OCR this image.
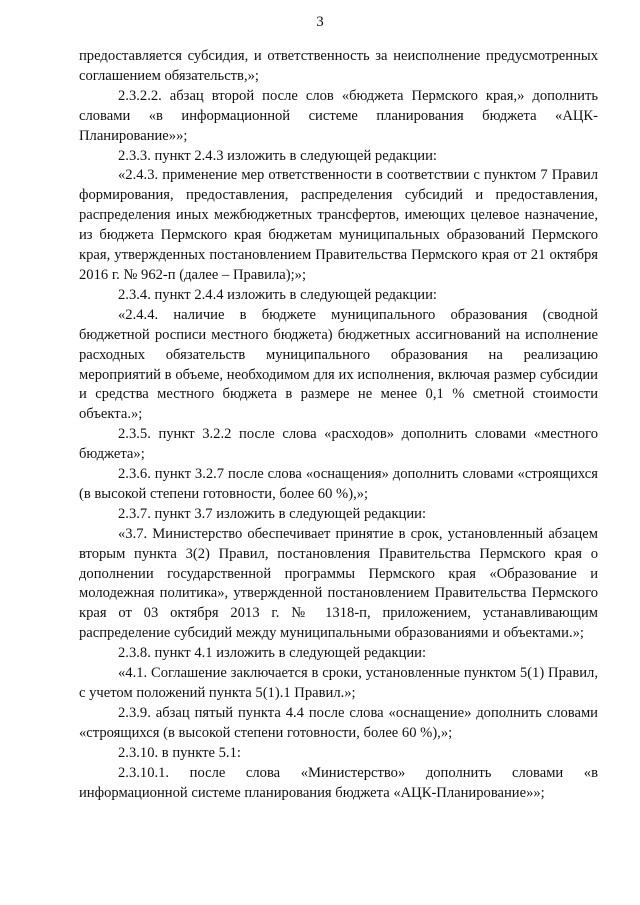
3

предоставляется субсидия, и ответственность за неисполнение предусмотренных соглашением обязательств,»;

2.3.2.2. абзац второй после слов «бюджета Пермского края,» дополнить словами «в информационной системе планирования бюджета «АЦК-Планирование»»;

2.3.3. пункт 2.4.3 изложить в следующей редакции:

«2.4.3. применение мер ответственности в соответствии с пунктом 7 Правил формирования, предоставления, распределения субсидий и предоставления, распределения иных межбюджетных трансфертов, имеющих целевое назначение, из бюджета Пермского края бюджетам муниципальных образований Пермского края, утвержденных постановлением Правительства Пермского края от 21 октября 2016 г. № 962-п (далее – Правила);»;

2.3.4. пункт 2.4.4 изложить в следующей редакции:

«2.4.4. наличие в бюджете муниципального образования (сводной бюджетной росписи местного бюджета) бюджетных ассигнований на исполнение расходных обязательств муниципального образования на реализацию мероприятий в объеме, необходимом для их исполнения, включая размер субсидии и средства местного бюджета в размере не менее 0,1 % сметной стоимости объекта.»;

2.3.5. пункт 3.2.2 после слова «расходов» дополнить словами «местного бюджета»;

2.3.6. пункт 3.2.7 после слова «оснащения» дополнить словами «строящихся (в высокой степени готовности, более 60 %),»;

2.3.7. пункт 3.7 изложить в следующей редакции:

«3.7. Министерство обеспечивает принятие в срок, установленный абзацем вторым пункта 3(2) Правил, постановления Правительства Пермского края о дополнении государственной программы Пермского края «Образование и молодежная политика», утвержденной постановлением Правительства Пермского края от 03 октября 2013 г. № 1318-п, приложением, устанавливающим распределение субсидий между муниципальными образованиями и объектами.»;

2.3.8. пункт 4.1 изложить в следующей редакции:

«4.1. Соглашение заключается в сроки, установленные пунктом 5(1) Правил, с учетом положений пункта 5(1).1 Правил.»;

2.3.9. абзац пятый пункта 4.4 после слова «оснащение» дополнить словами «строящихся (в высокой степени готовности, более 60 %),»;

2.3.10. в пункте 5.1:

2.3.10.1. после слова «Министерство» дополнить словами «в информационной системе планирования бюджета «АЦК-Планирование»»;
